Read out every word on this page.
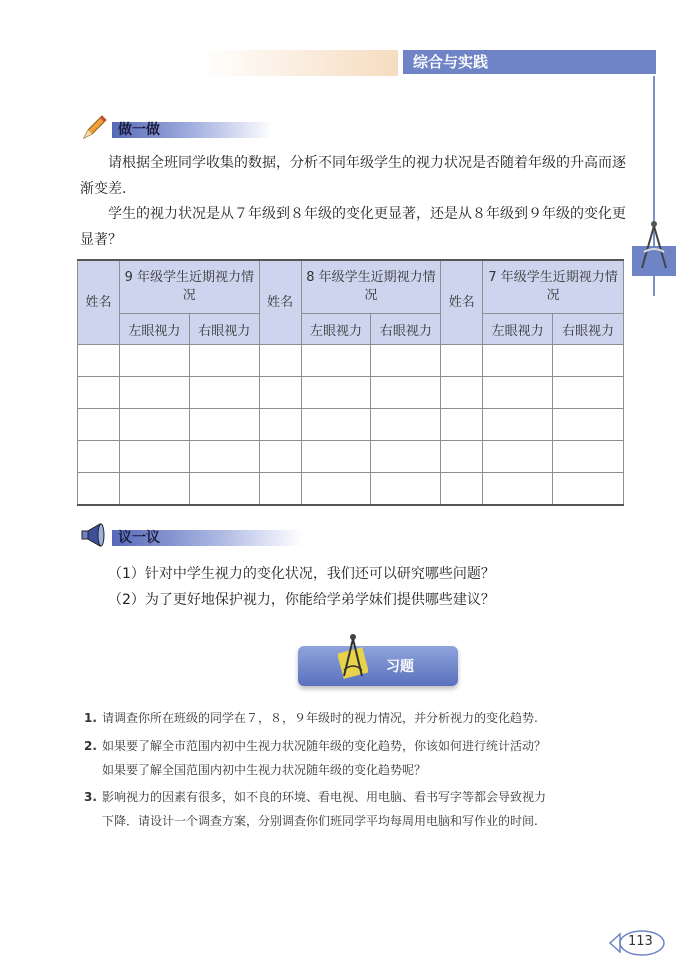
综合与实践
做一做
请根据全班同学收集的数据，分析不同年级学生的视力状况是否随着年级的升高而逐渐变差.
学生的视力状况是从７年级到８年级的变化更显著，还是从８年级到９年级的变化更显著？
姓名	9 年级学生近期视力情况		姓名	8 年级学生近期视力情况		姓名	7 年级学生近期视力情况	
	左眼视力	右眼视力		左眼视力	右眼视力		左眼视力	右眼视力

议一议
（1）针对中学生视力的变化状况，我们还可以研究哪些问题？
（2）为了更好地保护视力，你能给学弟学妹们提供哪些建议？
习题
1. 请调查你所在班级的同学在７，８，９年级时的视力情况，并分析视力的变化趋势.
2. 如果要了解全市范围内初中生视力状况随年级的变化趋势，你该如何进行统计活动？
如果要了解全国范围内初中生视力状况随年级的变化趋势呢？
3. 影响视力的因素有很多，如不良的环境、看电视、用电脑、看书写字等都会导致视力
下降．请设计一个调查方案，分别调查你们班同学平均每周用电脑和写作业的时间.
113
